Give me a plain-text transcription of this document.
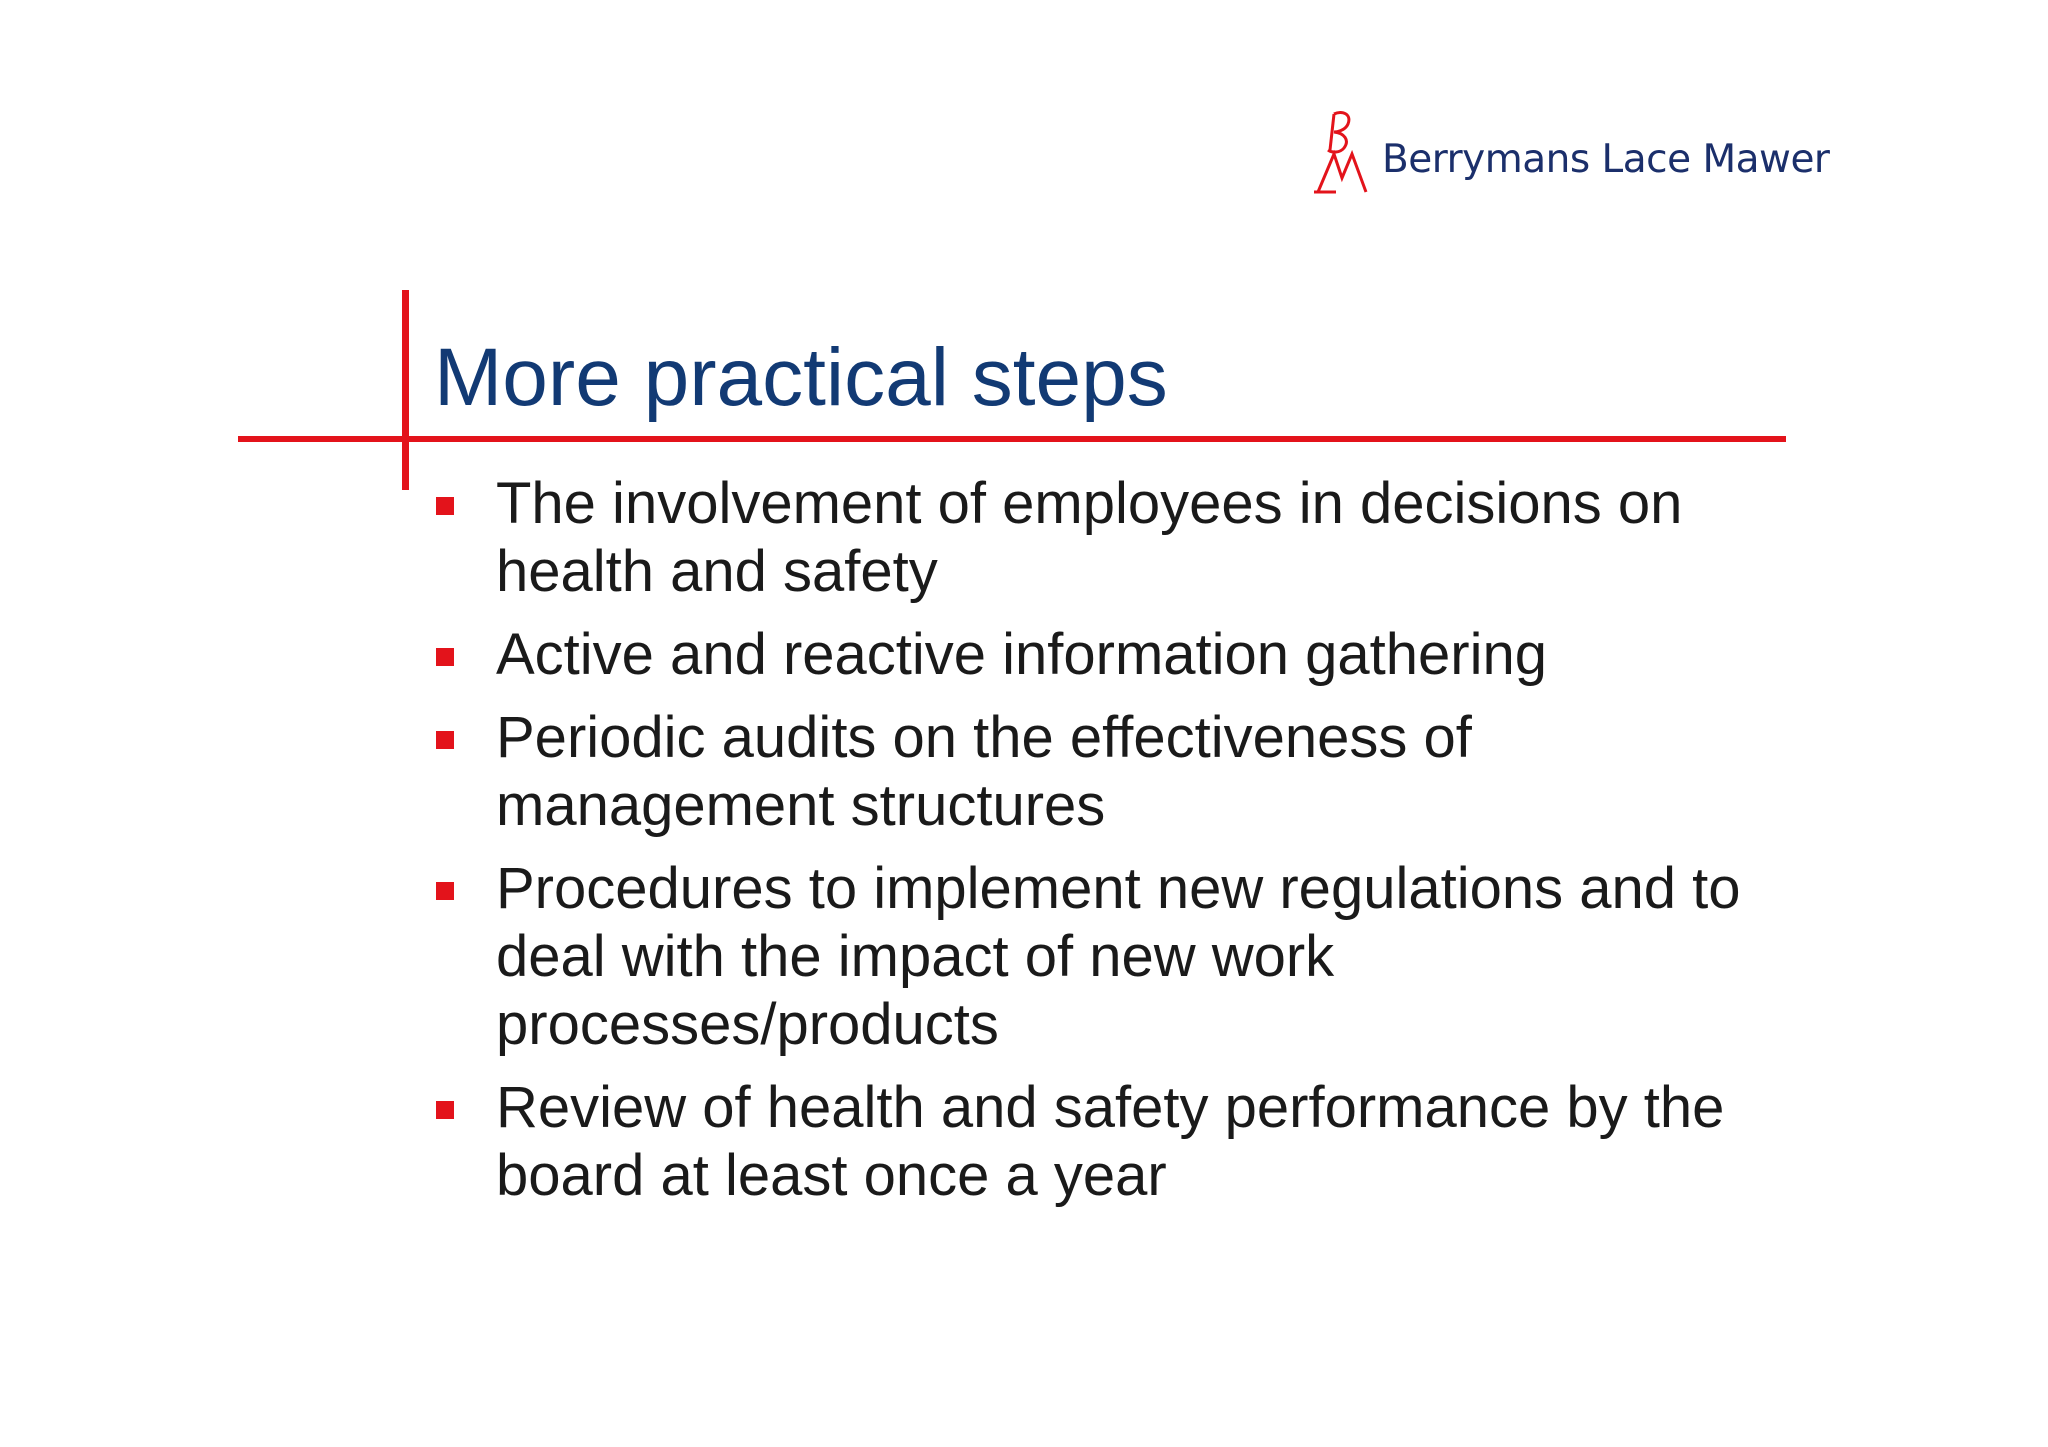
Berrymans Lace Mawer
More practical steps
The involvement of employees in decisions on health and safety
Active and reactive information gathering
Periodic audits on the effectiveness of management structures
Procedures to implement new regulations and to deal with the impact of new work processes/products
Review of health and safety performance by the board at least once a year
